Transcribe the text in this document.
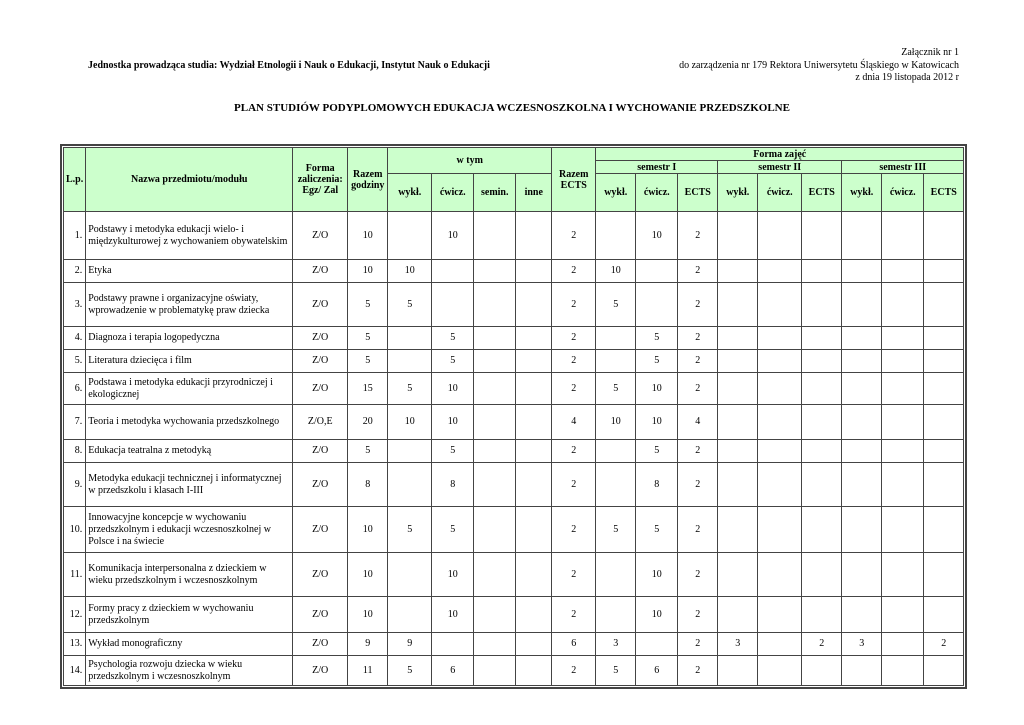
Jednostka prowadząca studia: Wydział Etnologii i Nauk o Edukacji, Instytut Nauk o Edukacji
Załącznik nr 1
do zarządzenia nr 179 Rektora Uniwersytetu Śląskiego w Katowicach
z dnia 19 listopada 2012 r
PLAN STUDIÓW PODYPLOMOWYCH EDUKACJA WCZESNOSZKOLNA I WYCHOWANIE PRZEDSZKOLNE
L.p.	Nazwa przedmiotu/modułu	Forma zaliczenia: Egz/ Zal	Razem godziny	w tym				Razem ECTS	Forma zajęć								
									semestr I			semestr II			semestr III		
				wykł.	ćwicz.	semin.	inne		wykł.	ćwicz.	ECTS	wykł.	ćwicz.	ECTS	wykł.	ćwicz.	ECTS
1.	Podstawy i metodyka edukacji wielo- i międzykulturowej z wychowaniem obywatelskim	Z/O	10		10			2		10	2						
2.	Etyka	Z/O	10	10				2	10		2						
3.	Podstawy prawne i organizacyjne oświaty, wprowadzenie w problematykę praw dziecka	Z/O	5	5				2	5		2						
4.	Diagnoza i terapia logopedyczna	Z/O	5		5			2		5	2						
5.	Literatura dziecięca i film	Z/O	5		5			2		5	2						
6.	Podstawa i metodyka edukacji przyrodniczej i ekologicznej	Z/O	15	5	10			2	5	10	2						
7.	Teoria i metodyka wychowania przedszkolnego	Z/O,E	20	10	10			4	10	10	4						
8.	Edukacja teatralna z metodyką	Z/O	5		5			2		5	2						
9.	Metodyka edukacji technicznej i informatycznej w przedszkolu i klasach I-III	Z/O	8		8			2		8	2						
10.	Innowacyjne koncepcje w wychowaniu przedszkolnym i edukacji wczesnoszkolnej w Polsce i na świecie	Z/O	10	5	5			2	5	5	2						
11.	Komunikacja interpersonalna z dzieckiem w wieku przedszkolnym i wczesnoszkolnym	Z/O	10		10			2		10	2						
12.	Formy pracy z dzieckiem w wychowaniu przedszkolnym	Z/O	10		10			2		10	2						
13.	Wykład monograficzny	Z/O	9	9				6	3		2	3		2	3		2
14.	Psychologia rozwoju dziecka w wieku przedszkolnym i wczesnoszkolnym	Z/O	11	5	6			2	5	6	2						
